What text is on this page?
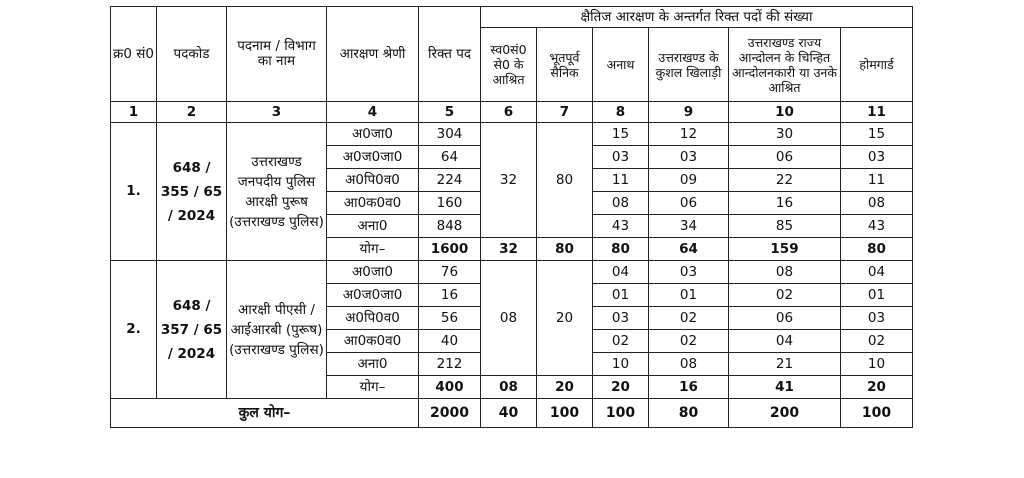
क्र0 सं0	पदकोड	पदनाम / विभाग का नाम	आरक्षण श्रेणी	रिक्त पद	क्षैतिज आरक्षण के अन्तर्गत रिक्त पदों की संख्या					
					स्व0सं0 से0 के आश्रित	भूतपूर्व सैनिक	अनाथ	उत्तराखण्ड के कुशल खिलाड़ी	उत्तराखण्ड राज्य आन्दोलन के चिन्हित आन्दोलनकारी या उनके आश्रित	होमगार्ड
1	2	3	4	5	6	7	8	9	10	11
1.	648 / 355 / 65 / 2024	उत्तराखण्ड जनपदीय पुलिस आरक्षी पुरूष (उत्तराखण्ड पुलिस)	अ0जा0	304	32	80	15	12	30	15
			अ0ज0जा0	64			03	03	06	03
			अ0पि0व0	224			11	09	22	11
			आ0क0व0	160			08	06	16	08
			अना0	848			43	34	85	43
			योग–	1600	32	80	80	64	159	80
2.	648 / 357 / 65 / 2024	आरक्षी पीएसी / आईआरबी (पुरूष) (उत्तराखण्ड पुलिस)	अ0जा0	76	08	20	04	03	08	04
			अ0ज0जा0	16			01	01	02	01
			अ0पि0व0	56			03	02	06	03
			आ0क0व0	40			02	02	04	02
			अना0	212			10	08	21	10
			योग–	400	08	20	20	16	41	20
कुल योग–				2000	40	100	100	80	200	100
